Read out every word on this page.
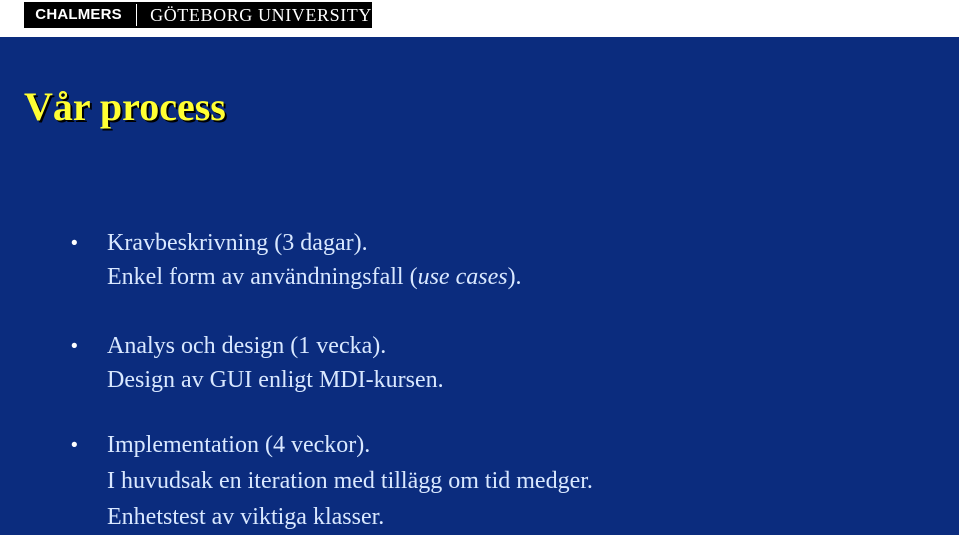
CHALMERS	GÖTEBORG UNIVERSITY
Vår process
• Kravbeskrivning (3 dagar).

Enkel form av användningsfall (use cases).

• Analys och design (1 vecka).

Design av GUI enligt MDI-kursen.

• Implementation (4 veckor).

I huvudsak en iteration med tillägg om tid medger.

Enhetstest av viktiga klasser.
